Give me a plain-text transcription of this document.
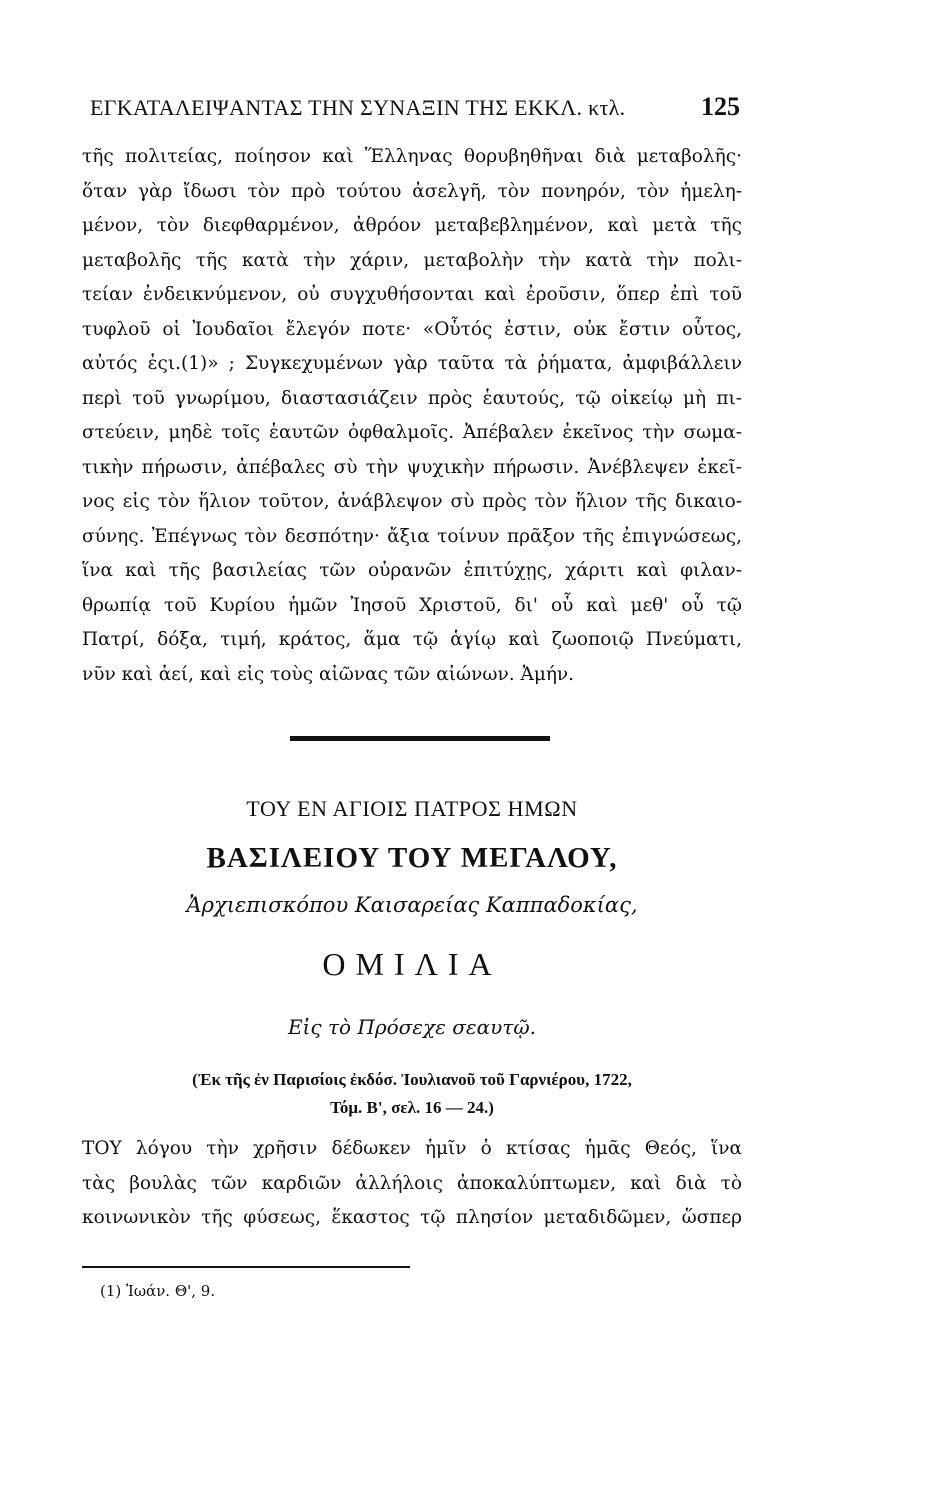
ΕΓΚΑΤΑΛΕΙΨΑΝΤΑΣ ΤΗΝ ΣΥΝΑΞΙΝ ΤΗΣ ΕΚΚΛ. κτλ.	125
τῆς πολιτείας, ποίησον καὶ Ἕλληνας θορυβηθῆναι διὰ μεταβολῆς·
ὅταν γὰρ ἴδωσι τὸν πρὸ τούτου ἀσελγῆ, τὸν πονηρόν, τὸν ἠμελη-
μένον, τὸν διεφθαρμένον, ἀθρόον μεταβεβλημένον, καὶ μετὰ τῆς
μεταβολῆς τῆς κατὰ τὴν χάριν, μεταβολὴν τὴν κατὰ τὴν πολι-
τείαν ἐνδεικνύμενον, οὐ συγχυθήσονται καὶ ἐροῦσιν, ὅπερ ἐπὶ τοῦ
τυφλοῦ οἱ Ἰουδαῖοι ἔλεγόν ποτε· «Οὗτός ἐστιν, οὐκ ἔστιν οὗτος,
αὐτός ἐςι.(1)» ; Συγκεχυμένων γὰρ ταῦτα τὰ ῥήματα, ἀμφιβάλλειν
περὶ τοῦ γνωρίμου, διαστασιάζειν πρὸς ἑαυτούς, τῷ οἰκείῳ μὴ πι-
στεύειν, μηδὲ τοῖς ἑαυτῶν ὀφθαλμοῖς. Ἀπέβαλεν ἐκεῖνος τὴν σωμα-
τικὴν πήρωσιν, ἀπέβαλες σὺ τὴν ψυχικὴν πήρωσιν. Ἀνέβλεψεν ἐκεῖ-
νος εἰς τὸν ἥλιον τοῦτον, ἀνάβλεψον σὺ πρὸς τὸν ἥλιον τῆς δικαιο-
σύνης. Ἐπέγνως τὸν δεσπότην· ἄξια τοίνυν πρᾶξον τῆς ἐπιγνώσεως,
ἵνα καὶ τῆς βασιλείας τῶν οὐρανῶν ἐπιτύχῃς, χάριτι καὶ φιλαν-
θρωπίᾳ τοῦ Κυρίου ἡμῶν Ἰησοῦ Χριστοῦ, δι' οὗ καὶ μεθ' οὗ τῷ
Πατρί, δόξα, τιμή, κράτος, ἅμα τῷ ἁγίῳ καὶ ζωοποιῷ Πνεύματι,
νῦν καὶ ἀεί, καὶ εἰς τοὺς αἰῶνας τῶν αἰώνων. Ἀμήν.
ΤΟΥ ΕΝ ΑΓΙΟΙΣ ΠΑΤΡΟΣ ΗΜΩΝ
ΒΑΣΙΛΕΙΟΥ ΤΟΥ ΜΕΓΑΛΟΥ,
Ἀρχιεπισκόπου Καισαρείας Καππαδοκίας,
ΟΜΙΛΙΑ
Εἰς τὸ Πρόσεχε σεαυτῷ.
(Ἐκ τῆς ἐν Παρισίοις ἐκδόσ. Ἰουλιανοῦ τοῦ Γαρνιέρου, 1722,
Τόμ. Β', σελ. 16 — 24.)
ΤΟΥ λόγου τὴν χρῆσιν δέδωκεν ἡμῖν ὁ κτίσας ἡμᾶς Θεός, ἵνα
τὰς βουλὰς τῶν καρδιῶν ἀλλήλοις ἀποκαλύπτωμεν, καὶ διὰ τὸ
κοινωνικὸν τῆς φύσεως, ἕκαστος τῷ πλησίον μεταδιδῶμεν, ὥσπερ
(1) Ἰωάν. Θ', 9.
